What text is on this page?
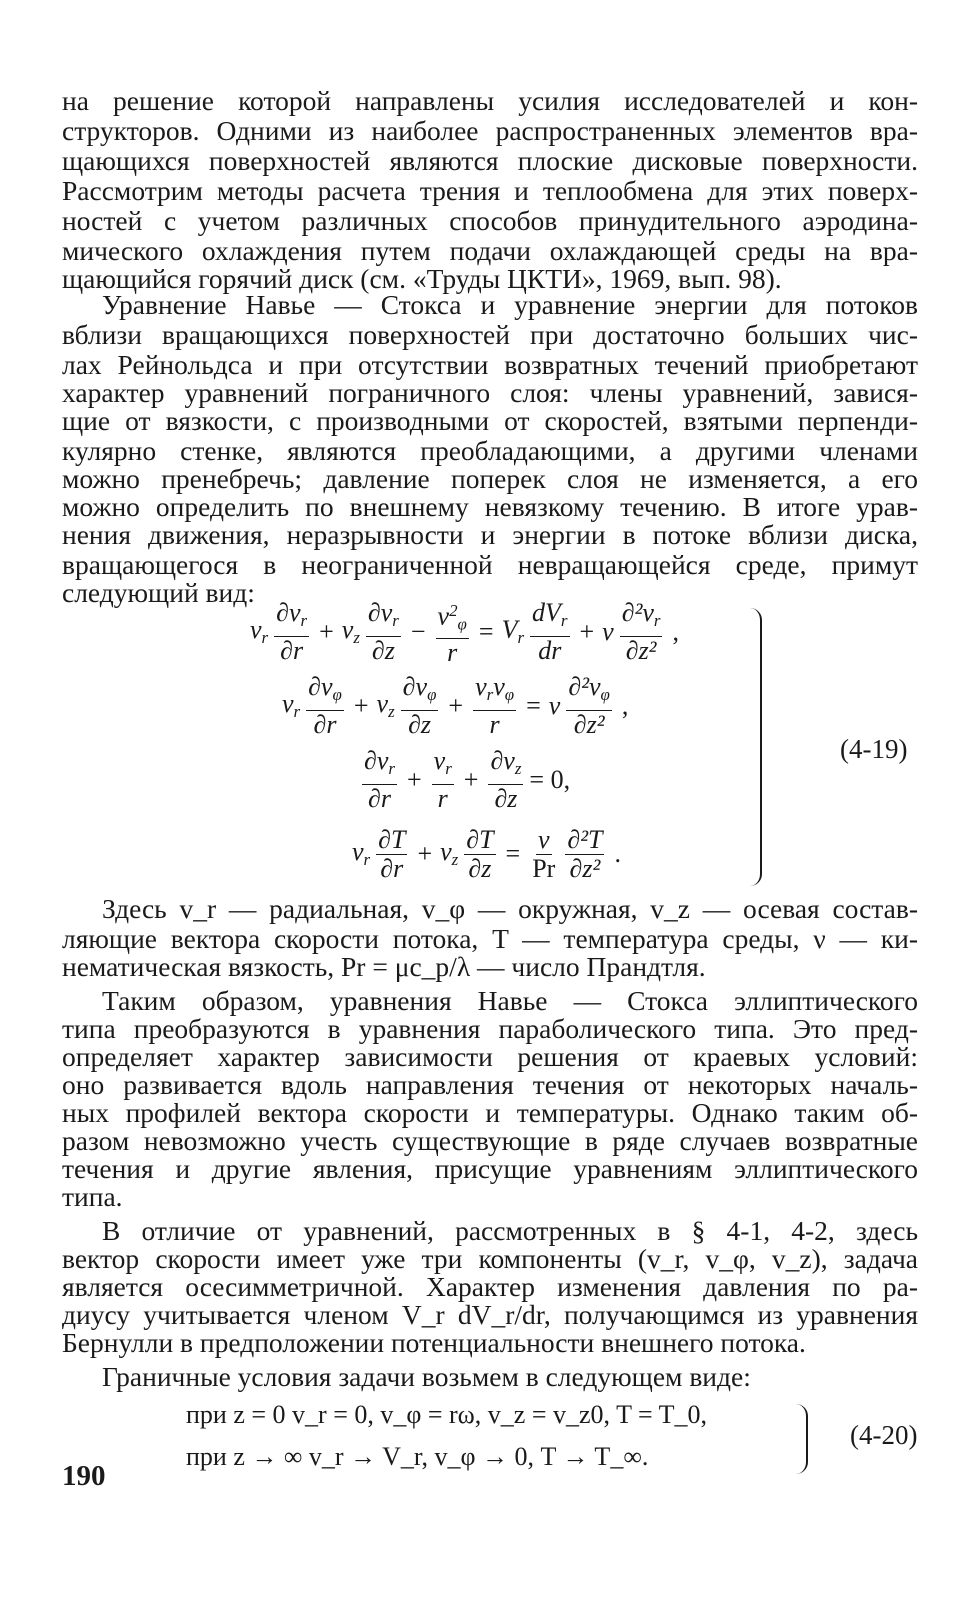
на решение которой направлены усилия исследователей и кон-
структоров. Одними из наиболее распространенных элементов вра-
щающихся поверхностей являются плоские дисковые поверхности.
Рассмотрим методы расчета трения и теплообмена для этих поверх-
ностей с учетом различных способов принудительного аэродина-
мического охлаждения путем подачи охлаждающей среды на вра-
щающийся горячий диск (см. «Труды ЦКТИ», 1969, вып. 98).
Уравнение Навье — Стокса и уравнение энергии для потоков
вблизи вращающихся поверхностей при достаточно больших чис-
лах Рейнольдса и при отсутствии возвратных течений приобретают
характер уравнений пограничного слоя: члены уравнений, завися-
щие от вязкости, с производными от скоростей, взятыми перпенди-
кулярно стенке, являются преобладающими, а другими членами
можно пренебречь; давление поперек слоя не изменяется, а его
можно определить по внешнему невязкому течению. В итоге урав-
нения движения, неразрывности и энергии в потоке вблизи диска,
вращающегося в неограниченной невращающейся среде, примут
следующий вид:
$v_r \frac{\partial v_r}{\partial r} + v_z \frac{\partial v_r}{\partial z} - \frac{v^2_\varphi}{r} = V_r \frac{dV_r}{dr} + \nu \frac{\partial^2v_r}{\text{∂z²}}$ ,
$v_r \frac{\partial v_\varphi}{\partial r} + v_z \frac{\partial v_\varphi}{\partial z} + \frac{v_rv_\varphi}{r} = \nu \frac{\partial^2v_\varphi}{\text{∂z²}}$ ,
$\frac{\partial v_r}{\partial r} + \frac{v_r}{r} + \frac{\partial v_z}{\partial z} = 0$,
$v_r \frac{\partial T}{\partial r} + v_z \frac{\partial T}{\partial z} = \frac{\nu}{Pr} \frac{\text{∂²T}}{\text{∂z²}}$ .
(4-19)
Здесь v_r — радиальная, v_φ — окружная, v_z — осевая состав-
ляющие вектора скорости потока, T — температура среды, ν — ки-
нематическая вязкость, Pr = μc_p/λ — число Прандтля.
Таким образом, уравнения Навье — Стокса эллиптического
типа преобразуются в уравнения параболического типа. Это пред-
определяет характер зависимости решения от краевых условий:
оно развивается вдоль направления течения от некоторых началь-
ных профилей вектора скорости и температуры. Однако таким об-
разом невозможно учесть существующие в ряде случаев возвратные
течения и другие явления, присущие уравнениям эллиптического
типа.
В отличие от уравнений, рассмотренных в § 4-1, 4-2, здесь
вектор скорости имеет уже три компоненты (v_r, v_φ, v_z), задача
является осесимметричной. Характер изменения давления по ра-
диусу учитывается членом V_r dV_r/dr, получающимся из уравнения
Бернулли в предположении потенциальности внешнего потока.
Граничные условия задачи возьмем в следующем виде:
при z = 0 v_r = 0, v_φ = rω, v_z = v_z0, T = T_0,
при z → ∞ v_r → V_r, v_φ → 0, T → T_∞.
(4-20)
190
